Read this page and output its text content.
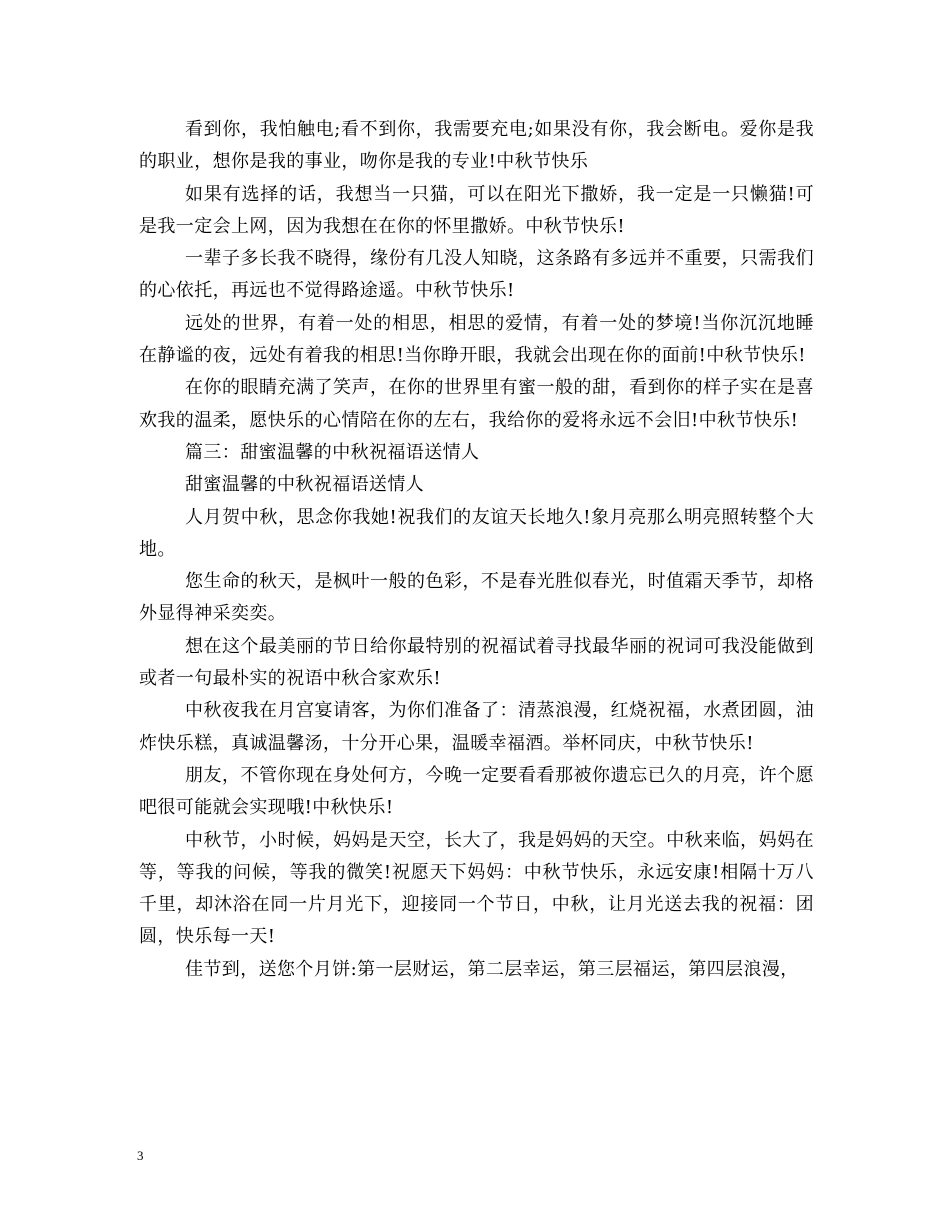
看到你，我怕触电;看不到你，我需要充电;如果没有你，我会断电。爱你是我的职业，想你是我的事业，吻你是我的专业!中秋节快乐

如果有选择的话，我想当一只猫，可以在阳光下撒娇，我一定是一只懒猫!可是我一定会上网，因为我想在在你的怀里撒娇。中秋节快乐!

一辈子多长我不晓得，缘份有几没人知晓，这条路有多远并不重要，只需我们的心依托，再远也不觉得路途遥。中秋节快乐!

远处的世界，有着一处的相思，相思的爱情，有着一处的梦境!当你沉沉地睡在静谧的夜，远处有着我的相思!当你睁开眼，我就会出现在你的面前!中秋节快乐!

在你的眼睛充满了笑声，在你的世界里有蜜一般的甜，看到你的样子实在是喜欢我的温柔，愿快乐的心情陪在你的左右，我给你的爱将永远不会旧!中秋节快乐!

篇三：甜蜜温馨的中秋祝福语送情人

甜蜜温馨的中秋祝福语送情人

人月贺中秋，思念你我她!祝我们的友谊天长地久!象月亮那么明亮照转整个大地。

您生命的秋天，是枫叶一般的色彩，不是春光胜似春光，时值霜天季节，却格外显得神采奕奕。

想在这个最美丽的节日给你最特别的祝福试着寻找最华丽的祝词可我没能做到或者一句最朴实的祝语中秋合家欢乐!

中秋夜我在月宫宴请客，为你们准备了：清蒸浪漫，红烧祝福，水煮团圆，油炸快乐糕，真诚温馨汤，十分开心果，温暖幸福酒。举杯同庆，中秋节快乐!

朋友，不管你现在身处何方，今晚一定要看看那被你遗忘已久的月亮，许个愿吧很可能就会实现哦!中秋快乐!

中秋节，小时候，妈妈是天空，长大了，我是妈妈的天空。中秋来临，妈妈在等，等我的问候，等我的微笑!祝愿天下妈妈：中秋节快乐，永远安康!相隔十万八千里，却沐浴在同一片月光下，迎接同一个节日，中秋，让月光送去我的祝福：团圆，快乐每一天!

佳节到，送您个月饼:第一层财运，第二层幸运，第三层福运，第四层浪漫，

3
